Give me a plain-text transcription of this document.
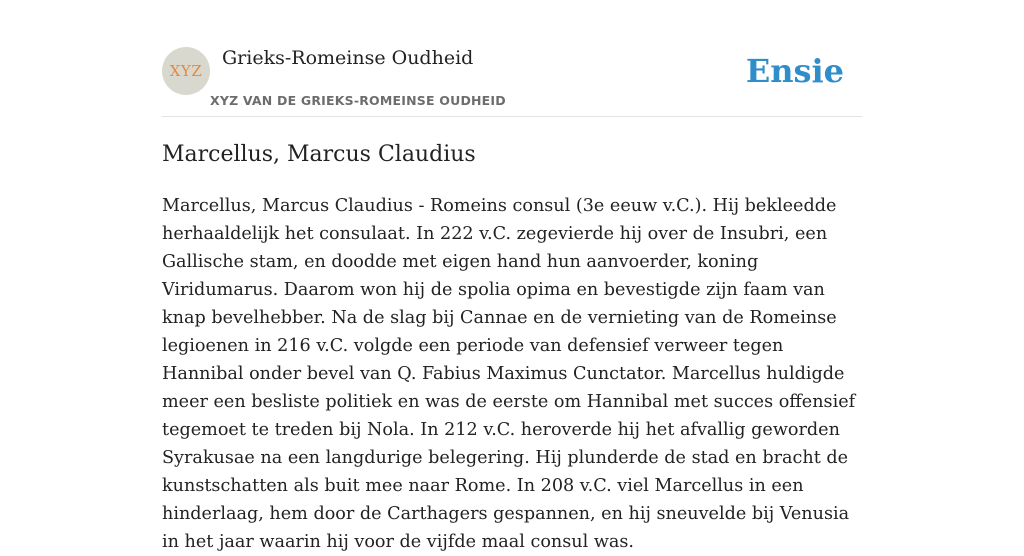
XYZ
Grieks-Romeinse Oudheid
XYZ VAN DE GRIEKS-ROMEINSE OUDHEID
Ensie
Marcellus, Marcus Claudius

Marcellus, Marcus Claudius - Romeins consul (3e eeuw v.C.). Hij bekleedde herhaaldelijk het consulaat. In 222 v.C. zegevierde hij over de Insubri, een Gallische stam, en doodde met eigen hand hun aanvoerder, koning Viridumarus. Daarom won hij de spolia opima en bevestigde zijn faam van knap bevelhebber. Na de slag bij Cannae en de vernieting van de Romeinse legioenen in 216 v.C. volgde een periode van defensief verweer tegen Hannibal onder bevel van Q. Fabius Maximus Cunctator. Marcellus huldigde meer een besliste politiek en was de eerste om Hannibal met succes offensief tegemoet te treden bij Nola. In 212 v.C. heroverde hij het afvallig geworden Syrakusae na een langdurige belegering. Hij plunderde de stad en bracht de kunstschatten als buit mee naar Rome. In 208 v.C. viel Marcellus in een hinderlaag, hem door de Carthagers gespannen, en hij sneuvelde bij Venusia in het jaar waarin hij voor de vijfde maal consul was.
